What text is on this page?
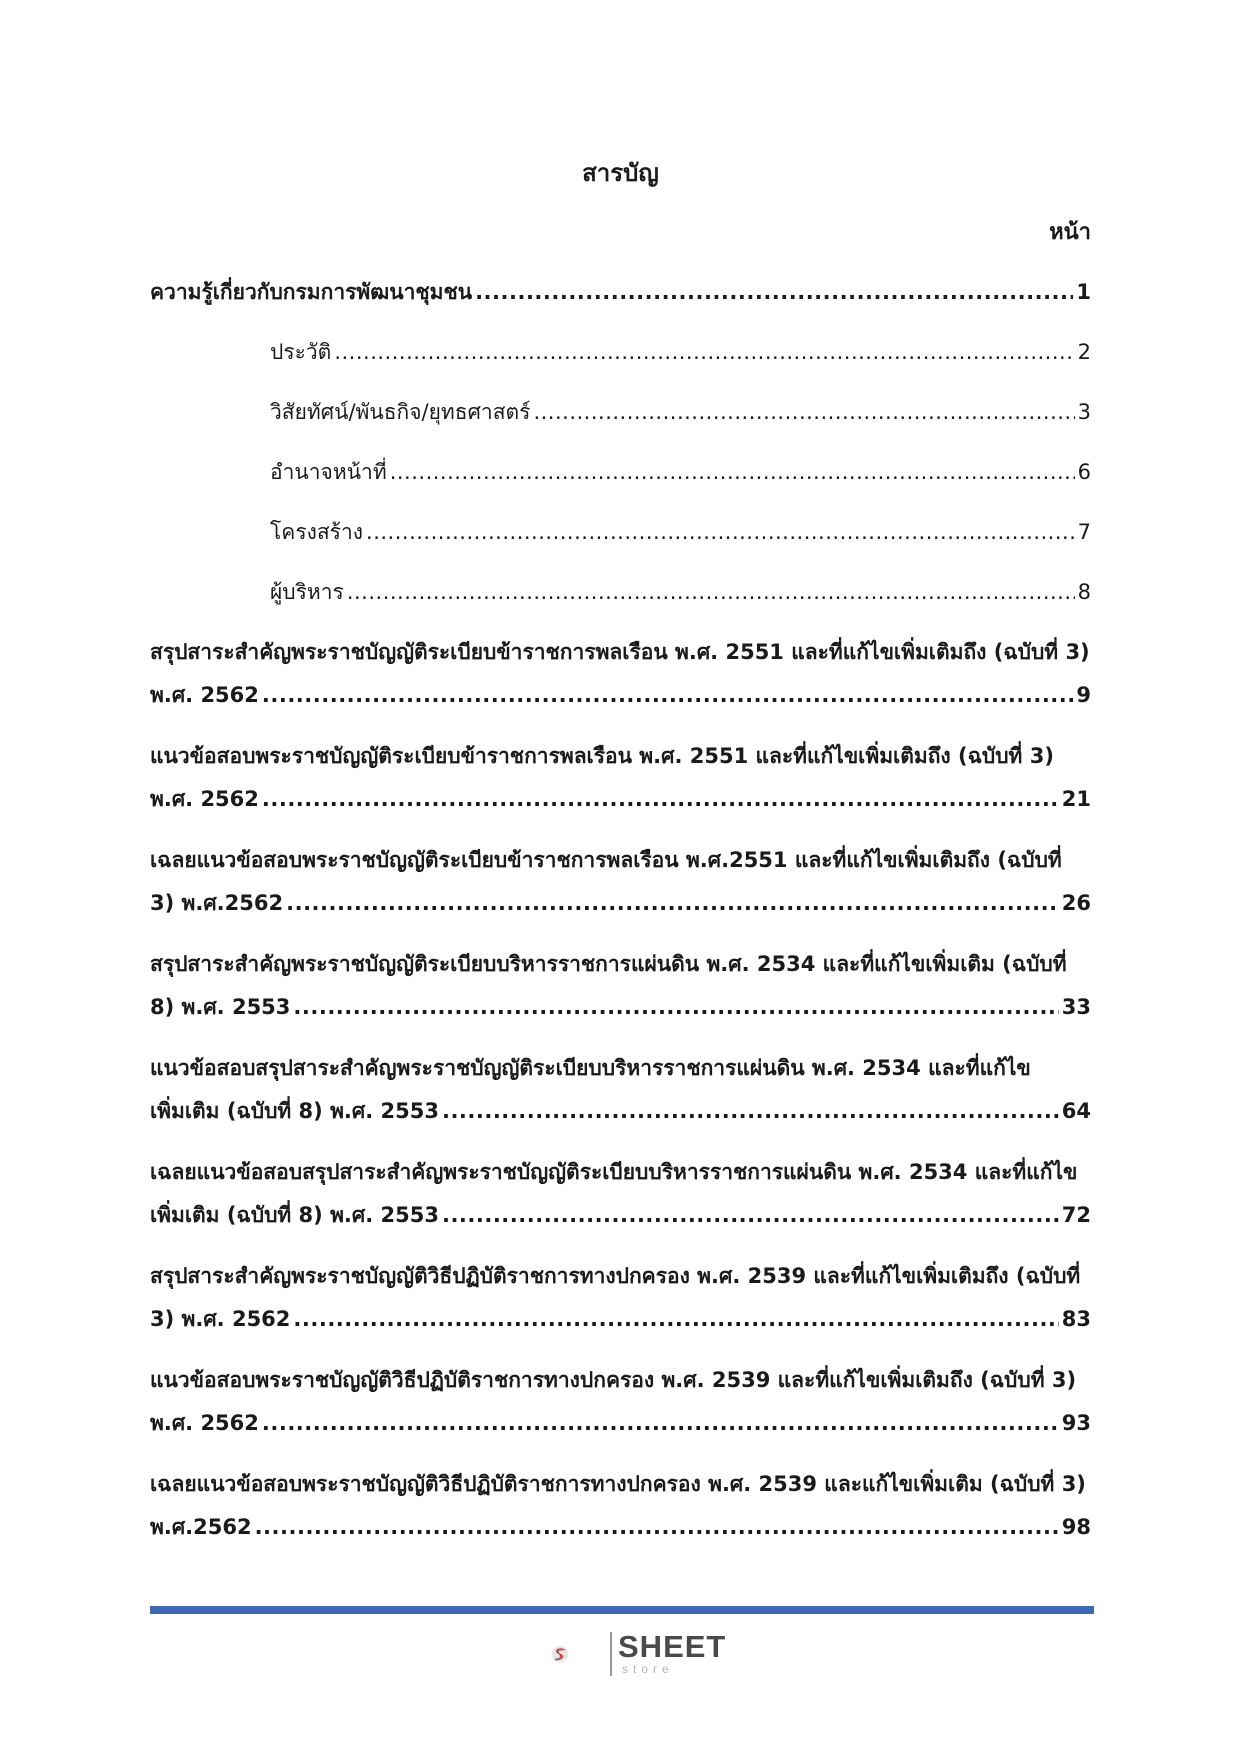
สารบัญ
หน้า
ความรู้เกี่ยวกับกรมการพัฒนาชุมชน .....	1
ประวัติ .....	2
วิสัยทัศน์/พันธกิจ/ยุทธศาสตร์ .....	3
อำนาจหน้าที่ .....	6
โครงสร้าง .....	7
ผู้บริหาร .....	8
สรุปสาระสำคัญพระราชบัญญัติระเบียบข้าราชการพลเรือน พ.ศ. 2551 และที่แก้ไขเพิ่มเติมถึง (ฉบับที่ 3)
พ.ศ. 2562 .....	9
แนวข้อสอบพระราชบัญญัติระเบียบข้าราชการพลเรือน พ.ศ. 2551 และที่แก้ไขเพิ่มเติมถึง (ฉบับที่ 3)
พ.ศ. 2562 .....	21
เฉลยแนวข้อสอบพระราชบัญญัติระเบียบข้าราชการพลเรือน พ.ศ.2551 และที่แก้ไขเพิ่มเติมถึง (ฉบับที่
3) พ.ศ.2562 .....	26
สรุปสาระสำคัญพระราชบัญญัติระเบียบบริหารราชการแผ่นดิน พ.ศ. 2534 และที่แก้ไขเพิ่มเติม (ฉบับที่
8) พ.ศ. 2553 .....	33
แนวข้อสอบสรุปสาระสำคัญพระราชบัญญัติระเบียบบริหารราชการแผ่นดิน พ.ศ. 2534 และที่แก้ไข
เพิ่มเติม (ฉบับที่ 8) พ.ศ. 2553 .....	64
เฉลยแนวข้อสอบสรุปสาระสำคัญพระราชบัญญัติระเบียบบริหารราชการแผ่นดิน พ.ศ. 2534 และที่แก้ไข
เพิ่มเติม (ฉบับที่ 8) พ.ศ. 2553 .....	72
สรุปสาระสำคัญพระราชบัญญัติวิธีปฏิบัติราชการทางปกครอง พ.ศ. 2539 และที่แก้ไขเพิ่มเติมถึง (ฉบับที่
3) พ.ศ. 2562 .....	83
แนวข้อสอบพระราชบัญญัติวิธีปฏิบัติราชการทางปกครอง พ.ศ. 2539 และที่แก้ไขเพิ่มเติมถึง (ฉบับที่ 3)
พ.ศ. 2562 .....	93
เฉลยแนวข้อสอบพระราชบัญญัติวิธีปฏิบัติราชการทางปกครอง พ.ศ. 2539 และแก้ไขเพิ่มเติม (ฉบับที่ 3)
พ.ศ.2562 .....	98
SHEET
store
